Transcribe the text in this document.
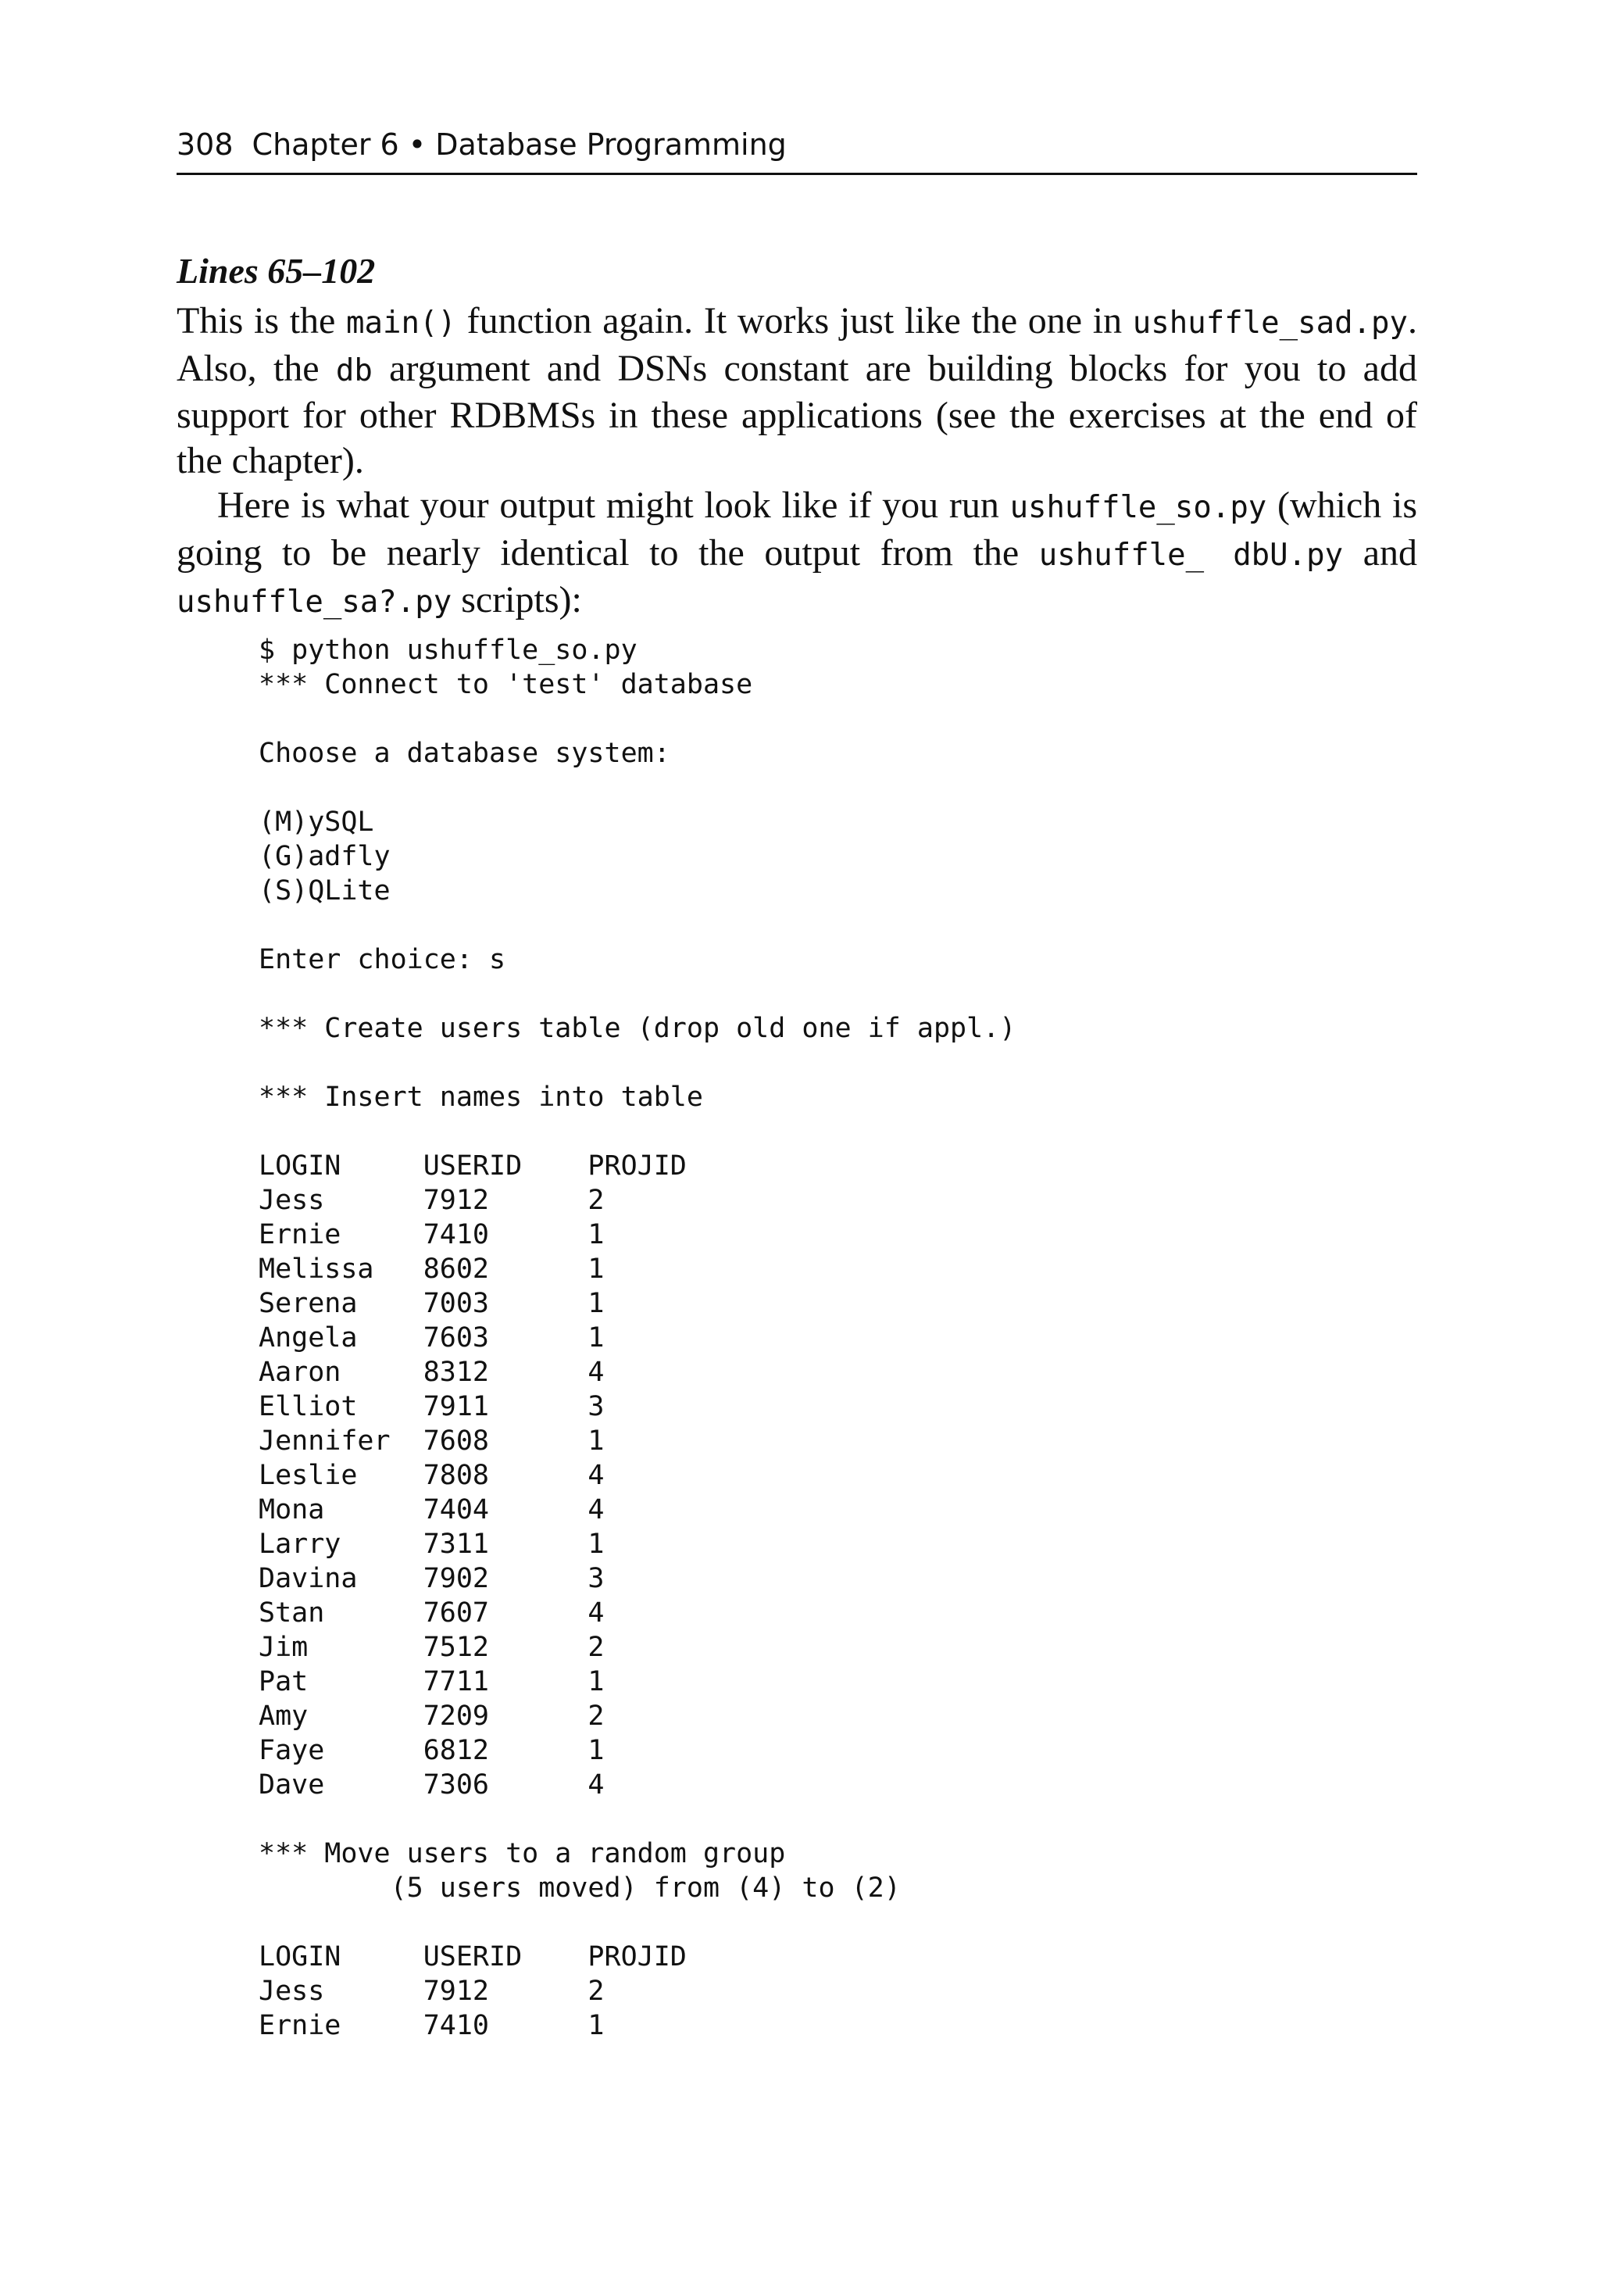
308 Chapter 6 • Database Programming

Lines 65–102

This is the main() function again. It works just like the one in ushuffle_sad.py. Also, the db argument and DSNs constant are building blocks for you to add support for other RDBMSs in these applications (see the exercises at the end of the chapter).

Here is what your output might look like if you run ushuffle_so.py (which is going to be nearly identical to the output from the ushuffle_ dbU.py and ushuffle_sa?.py scripts):

$ python ushuffle_so.py
*** Connect to 'test' database

Choose a database system:

(M)ySQL
(G)adfly
(S)QLite

Enter choice: s

*** Create users table (drop old one if appl.)

*** Insert names into table

LOGIN     USERID    PROJID
Jess      7912      2
Ernie     7410      1
Melissa   8602      1
Serena    7003      1
Angela    7603      1
Aaron     8312      4
Elliot    7911      3
Jennifer  7608      1
Leslie    7808      4
Mona      7404      4
Larry     7311      1
Davina    7902      3
Stan      7607      4
Jim       7512      2
Pat       7711      1
Amy       7209      2
Faye      6812      1
Dave      7306      4

*** Move users to a random group
(5 users moved) from (4) to (2)

LOGIN     USERID    PROJID
Jess      7912      2
Ernie     7410      1
